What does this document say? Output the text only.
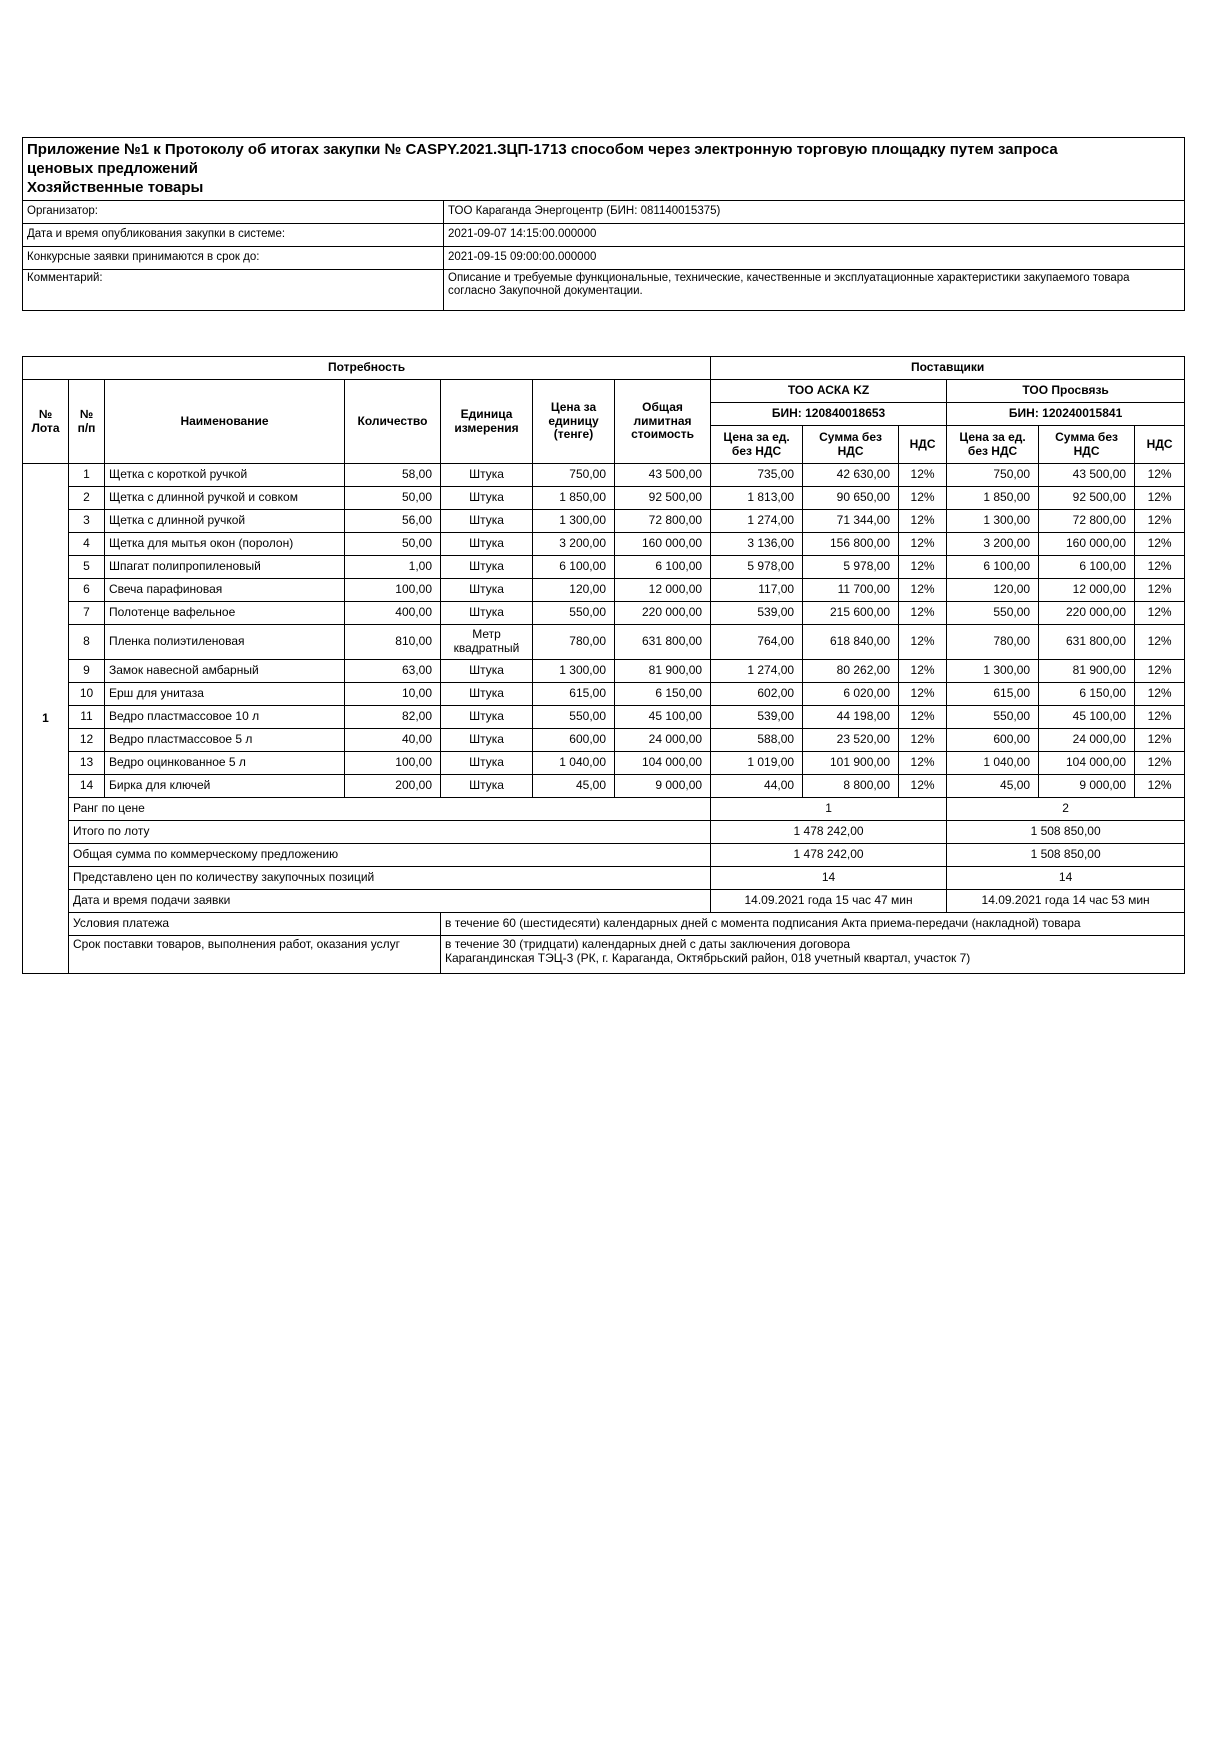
Приложение №1 к Протоколу об итогах закупки № CASPY.2021.ЗЦП-1713 способом через электронную торговую площадку путем запроса
ценовых предложений
Хозяйственные товары	
Организатор:	ТОО Караганда Энергоцентр (БИН: 081140015375)
Дата и время опубликования закупки в системе:	2021-09-07 14:15:00.000000
Конкурсные заявки принимаются в срок до:	2021-09-15 09:00:00.000000
Комментарий:	Описание и требуемые функциональные, технические, качественные и эксплуатационные характеристики закупаемого товара согласно Закупочной документации.
Потребность							Поставщики					
№ Лота	№ п/п	Наименование	Количество	Единица измерения	Цена за единицу (тенге)	Общая лимитная стоимость	ТОО АСКА KZ			ТОО Просвязь		
							БИН: 120840018653			БИН: 120240015841		
							Цена за ед. без НДС	Сумма без НДС	НДС	Цена за ед. без НДС	Сумма без НДС	НДС
1	1	Щетка с короткой ручкой	58,00	Штука	750,00	43 500,00	735,00	42 630,00	12%	750,00	43 500,00	12%
	2	Щетка с длинной ручкой и совком	50,00	Штука	1 850,00	92 500,00	1 813,00	90 650,00	12%	1 850,00	92 500,00	12%
	3	Щетка с длинной ручкой	56,00	Штука	1 300,00	72 800,00	1 274,00	71 344,00	12%	1 300,00	72 800,00	12%
	4	Щетка для мытья окон (поролон)	50,00	Штука	3 200,00	160 000,00	3 136,00	156 800,00	12%	3 200,00	160 000,00	12%
	5	Шпагат полипропиленовый	1,00	Штука	6 100,00	6 100,00	5 978,00	5 978,00	12%	6 100,00	6 100,00	12%
	6	Свеча парафиновая	100,00	Штука	120,00	12 000,00	117,00	11 700,00	12%	120,00	12 000,00	12%
	7	Полотенце вафельное	400,00	Штука	550,00	220 000,00	539,00	215 600,00	12%	550,00	220 000,00	12%
	8	Пленка полиэтиленовая	810,00	Метр квадратный	780,00	631 800,00	764,00	618 840,00	12%	780,00	631 800,00	12%
	9	Замок навесной амбарный	63,00	Штука	1 300,00	81 900,00	1 274,00	80 262,00	12%	1 300,00	81 900,00	12%
	10	Ерш для унитаза	10,00	Штука	615,00	6 150,00	602,00	6 020,00	12%	615,00	6 150,00	12%
	11	Ведро пластмассовое 10 л	82,00	Штука	550,00	45 100,00	539,00	44 198,00	12%	550,00	45 100,00	12%
	12	Ведро пластмассовое 5 л	40,00	Штука	600,00	24 000,00	588,00	23 520,00	12%	600,00	24 000,00	12%
	13	Ведро оцинкованное 5 л	100,00	Штука	1 040,00	104 000,00	1 019,00	101 900,00	12%	1 040,00	104 000,00	12%
	14	Бирка для ключей	200,00	Штука	45,00	9 000,00	44,00	8 800,00	12%	45,00	9 000,00	12%
	Ранг по цене						1			2		
	Итого по лоту						1 478 242,00			1 508 850,00		
	Общая сумма по коммерческому предложению						1 478 242,00			1 508 850,00		
	Представлено цен по количеству закупочных позиций						14			14		
	Дата и время подачи заявки						14.09.2021 года 15 час 47 мин			14.09.2021 года 14 час 53 мин		
	Условия платежа			в течение 60 (шестидесяти) календарных дней с момента подписания Акта приема-передачи (накладной) товара								
	Срок поставки товаров, выполнения работ, оказания услуг			в течение 30 (тридцати) календарных дней с даты заключения договора
Карагандинская ТЭЦ-3 (РК, г. Караганда, Октябрьский район, 018 учетный квартал, участок 7)								
